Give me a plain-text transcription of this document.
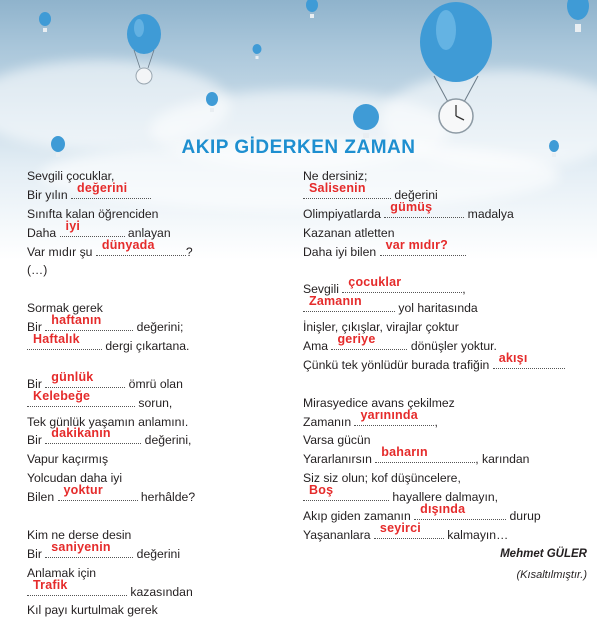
AKIP GİDERKEN ZAMAN
Sevgili çocuklar,
Bir yılın değerini
Sınıfta kalan öğrenciden
Daha iyi	anlayan
Var mıdır şu dünyada	?
(…)
Sormak gerek
Bir haftanın	değerini;
Haftalık dergi çıkartana.
Bir günlük	ömrü olan
Kelebeğe	sorun,
Tek günlük yaşamın anlamını.
Bir dakikanın	değerini,
Vapur kaçırmış
Yolcudan daha iyi
Bilen yoktur	herhâlde?
Kim ne derse desin
Bir saniyenin değerini
Anlamak için
Trafik	kazasından
Kıl payı kurtulmak gerek
Ne dersiniz;
Salisenin değerini
Olimpiyatlarda gümüş	madalya
Kazanan atletten
Daha iyi bilen var mıdır?
Sevgili çocuklar	,
Zamanın	yol haritasında
İnişler, çıkışlar, virajlar çoktur
Ama geriye	dönüşler yoktur.
Çünkü tek yönlüdür burada trafiğin akışı
Mirasyedice avans çekilmez
Zamanın yarınında ,
Varsa gücün
Yararlanırsın baharın	, karından
Siz siz olun; kof düşüncelere,
Boş	hayallere dalmayın,
Akıp giden zamanın dışında	durup
Yaşananlara seyirci kalmayın…
Mehmet GÜLER
(Kısaltılmıştır.)
